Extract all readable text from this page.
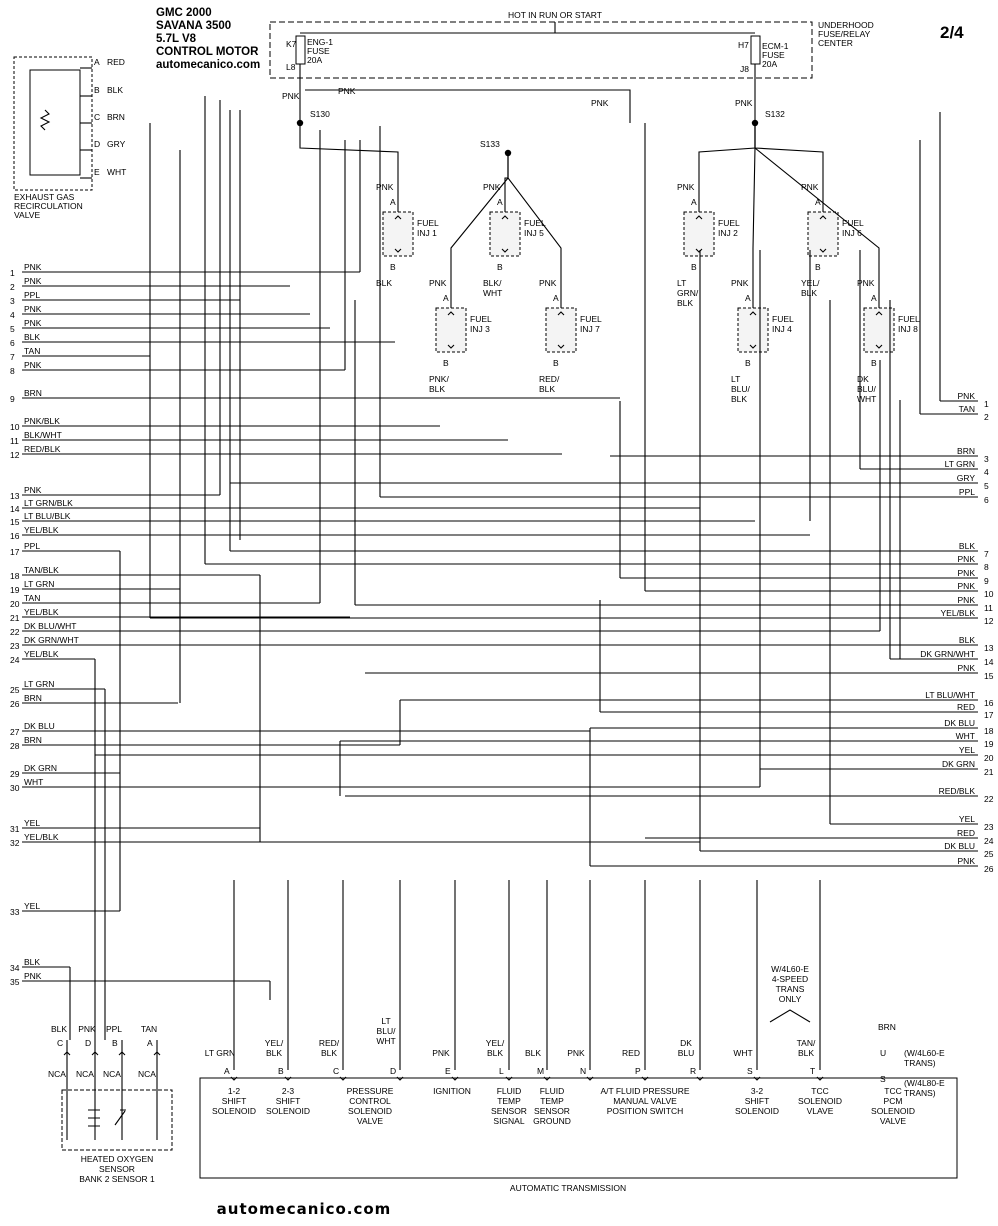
GMC 2000
SAVANA 3500
5.7L V8
CONTROL MOTOR
automecanico.com
2/4
HOT IN RUN OR START
UNDERHOOD
FUSE/RELAY
CENTER
K7
L8
ENG-1
FUSE
20A
H7
J8
ECM-1
FUSE
20A
EXHAUST GAS
RECIRCULATION
VALVE
A RED
B BLK
C BRN
D GRY
E WHT
S130
S133
S132
PNK	PNK
PNK	PNK
FUEL
INJ 1
A
B
PNK
BLK
FUEL
INJ 5
A
B
PNK
BLK/
WHT
FUEL
INJ 3
A
B
PNK
PNK/
BLK
FUEL
INJ 7
A
B
PNK
RED/
BLK
FUEL
INJ 2
A
B
PNK
LT
GRN/
BLK
FUEL
INJ 6
A
B
PNK
YEL/
BLK
FUEL
INJ 4
A
B
PNK
LT
BLU/
BLK
FUEL
INJ 8
A
B
PNK
DK
BLU/
WHT
1
PNK
2
PNK
3
PPL
4
PNK
5
PNK
6
BLK
7
TAN
8
PNK
9
BRN
10
PNK/BLK
11
BLK/WHT
12
RED/BLK
13
PNK
14
LT GRN/BLK
15
LT BLU/BLK
16
YEL/BLK
17
PPL
18
TAN/BLK
19
LT GRN
20
TAN
21
YEL/BLK
22
DK BLU/WHT
23
DK GRN/WHT
24
YEL/BLK
25
LT GRN
26
BRN
27
DK BLU
28
BRN
29
DK GRN
30
WHT
31
YEL
32
YEL/BLK
33
YEL
34
BLK
35
PNK
PNK
1
TAN
2
BRN
3
LT GRN
4
GRY
5
PPL
6
BLK
7
PNK
8
PNK
9
PNK
10
PNK
11
YEL/BLK
12
BLK
13
DK GRN/WHT
14
PNK
15
LT BLU/WHT
16
RED
17
DK BLU
18
WHT
19
YEL
20
DK GRN
21
RED/BLK
22
YEL
23
RED
24
DK BLU
25
PNK
26
BLK
C
NCA
PNK
D
NCA
PPL
B
NCA
TAN
A
NCA
HEATED OXYGEN
SENSOR
BANK 2 SENSOR 1
AUTOMATIC TRANSMISSION
LT GRN
A
YEL/
BLK
B
RED/
BLK
C
LT
BLU/
WHT
D
PNK
E
YEL/
BLK
L
BLK
M
PNK
N
RED
P
DK
BLU
R
WHT
S
TAN/
BLK
T
BRN
U
S
(W/4L60-E
TRANS)
(W/4L80-E
TRANS)
W/4L60-E
4-SPEED
TRANS
ONLY
1-2
SHIFT
SOLENOID
2-3
SHIFT
SOLENOID
PRESSURE
CONTROL
SOLENOID
VALVE
IGNITION	FLUID
TEMP
SENSOR
SIGNAL
FLUID
TEMP
SENSOR
GROUND
A/T FLUID PRESSURE
MANUAL VALVE
POSITION SWITCH
3-2
SHIFT
SOLENOID
TCC
SOLENOID
VLAVE
TCC
PCM
SOLENOID
VALVE
automecanico.com
